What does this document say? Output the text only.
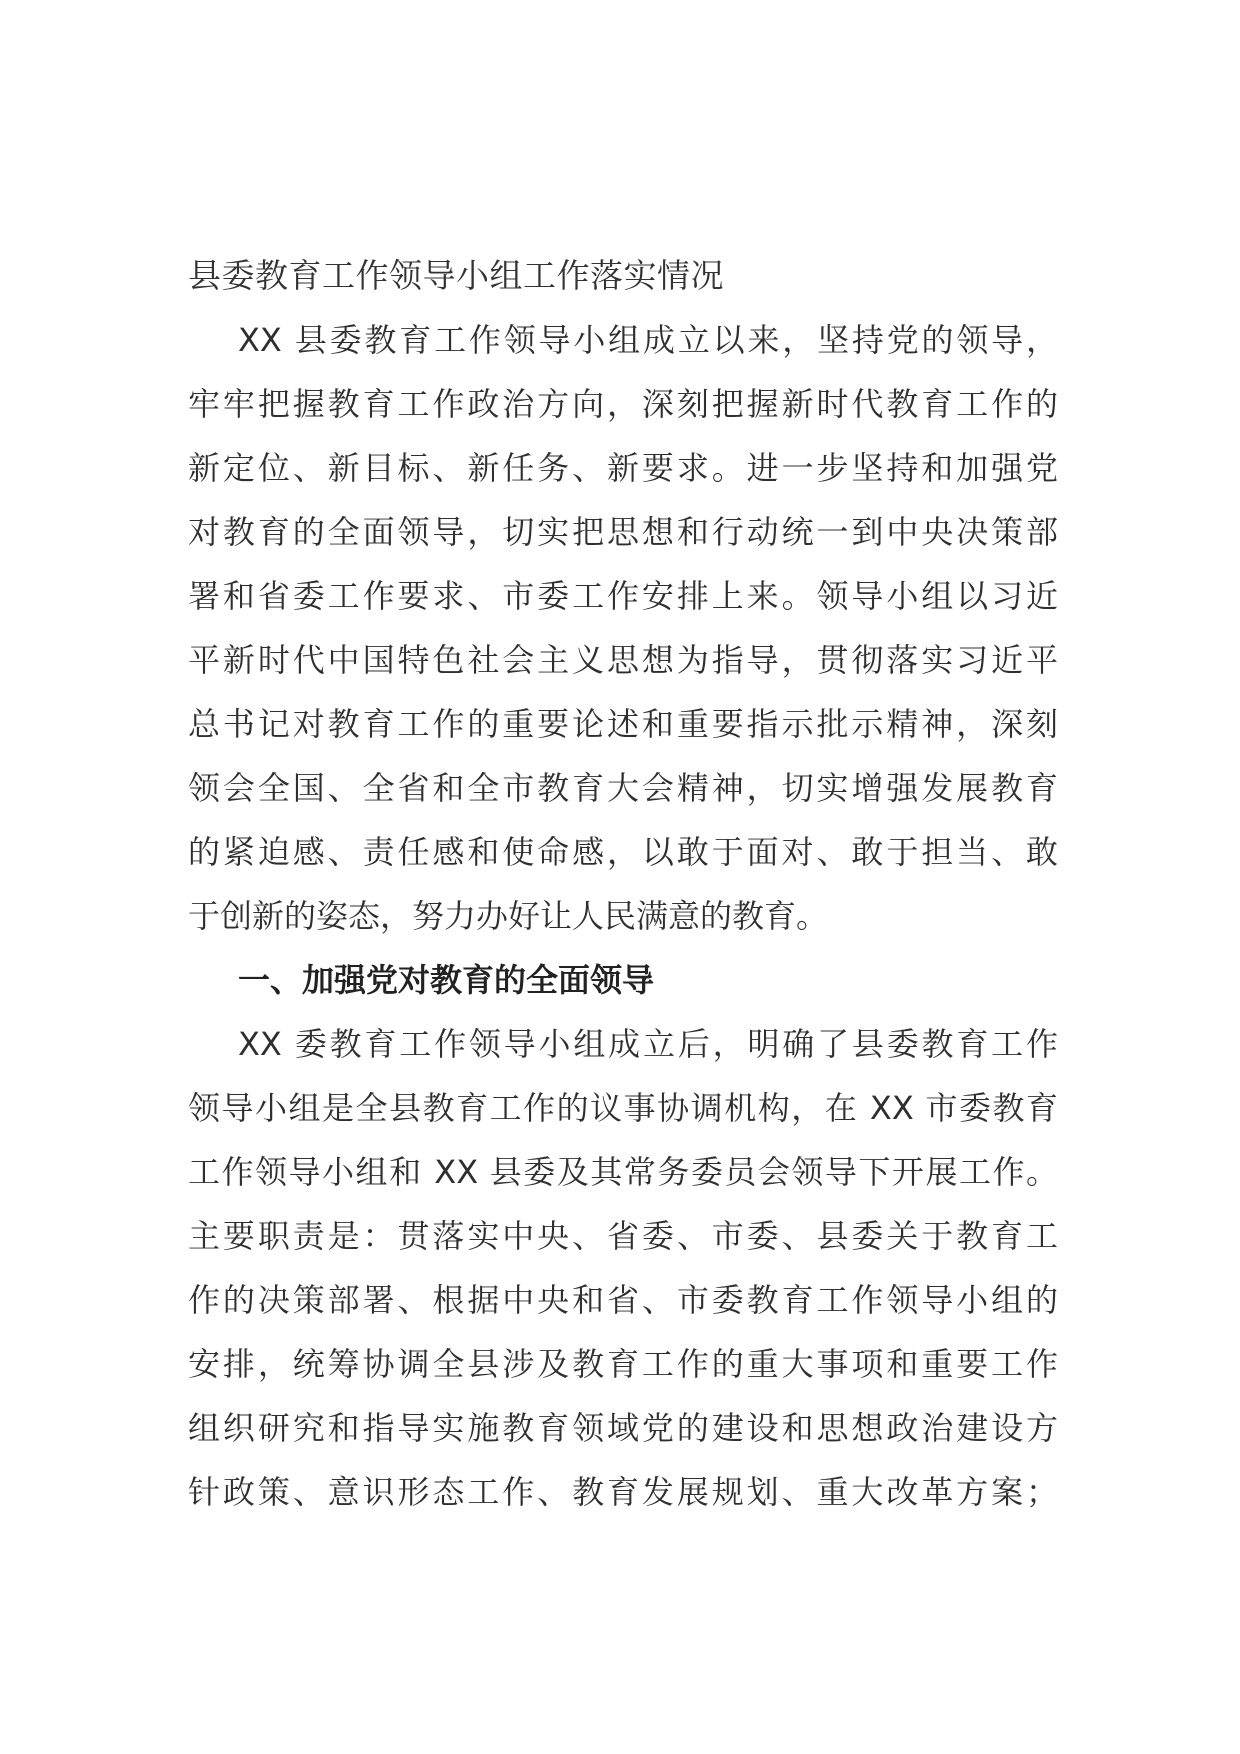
县委教育工作领导小组工作落实情况
XX 县委教育工作领导小组成立以来，坚持党的领导，
牢牢把握教育工作政治方向，深刻把握新时代教育工作的
新定位、新目标、新任务、新要求。进一步坚持和加强党
对教育的全面领导，切实把思想和行动统一到中央决策部
署和省委工作要求、市委工作安排上来。领导小组以习近
平新时代中国特色社会主义思想为指导，贯彻落实习近平
总书记对教育工作的重要论述和重要指示批示精神，深刻
领会全国、全省和全市教育大会精神，切实增强发展教育
的紧迫感、责任感和使命感，以敢于面对、敢于担当、敢
于创新的姿态，努力办好让人民满意的教育。
一、加强党对教育的全面领导
XX 委教育工作领导小组成立后，明确了县委教育工作
领导小组是全县教育工作的议事协调机构，在 XX 市委教育
工作领导小组和 XX 县委及其常务委员会领导下开展工作。
主要职责是：贯落实中央、省委、市委、县委关于教育工
作的决策部署、根据中央和省、市委教育工作领导小组的
安排，统筹协调全县涉及教育工作的重大事项和重要工作
组织研究和指导实施教育领域党的建设和思想政治建设方
针政策、意识形态工作、教育发展规划、重大改革方案；
